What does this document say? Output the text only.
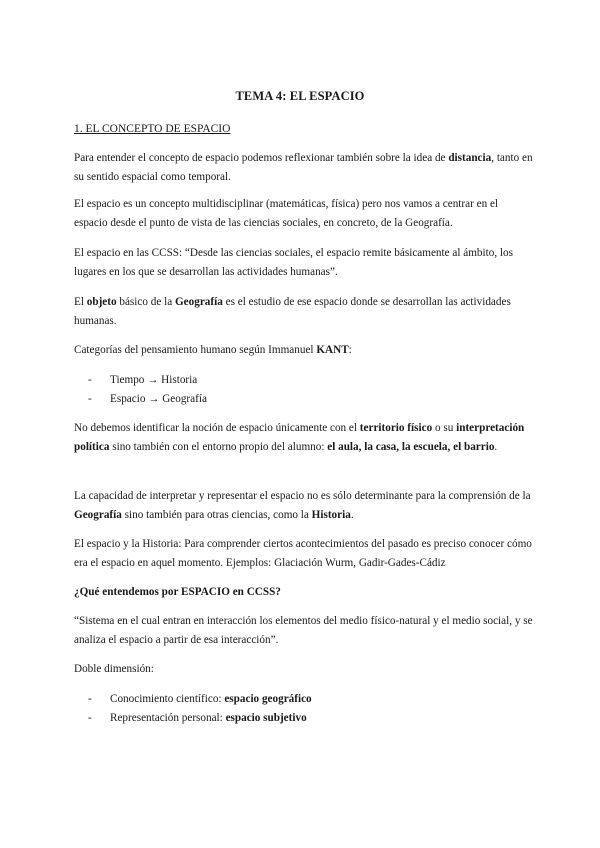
TEMA 4: EL ESPACIO
1. EL CONCEPTO DE ESPACIO

Para entender el concepto de espacio podemos reflexionar también sobre la idea de distancia, tanto en su sentido espacial como temporal.

El espacio es un concepto multidisciplinar (matemáticas, física) pero nos vamos a centrar en el espacio desde el punto de vista de las ciencias sociales, en concreto, de la Geografía.

El espacio en las CCSS: “Desde las ciencias sociales, el espacio remite básicamente al ámbito, los lugares en los que se desarrollan las actividades humanas”.

El objeto básico de la Geografía es el estudio de ese espacio donde se desarrollan las actividades humanas.

Categorías del pensamiento humano según Immanuel KANT:

- Tiempo → Historia
- Espacio → Geografía

No debemos identificar la noción de espacio únicamente con el territorio físico o su interpretación política sino también con el entorno propio del alumno: el aula, la casa, la escuela, el barrio.

La capacidad de interpretar y representar el espacio no es sólo determinante para la comprensión de la Geografía sino también para otras ciencias, como la Historia.

El espacio y la Historia: Para comprender ciertos acontecimientos del pasado es preciso conocer cómo era el espacio en aquel momento. Ejemplos: Glaciación Wurm, Gadir-Gades-Cádiz

¿Qué entendemos por ESPACIO en CCSS?

“Sistema en el cual entran en interacción los elementos del medio físico-natural y el medio social, y se analiza el espacio a partir de esa interacción”.

Doble dimensión:

- Conocimiento científico: espacio geográfico
- Representación personal: espacio subjetivo
